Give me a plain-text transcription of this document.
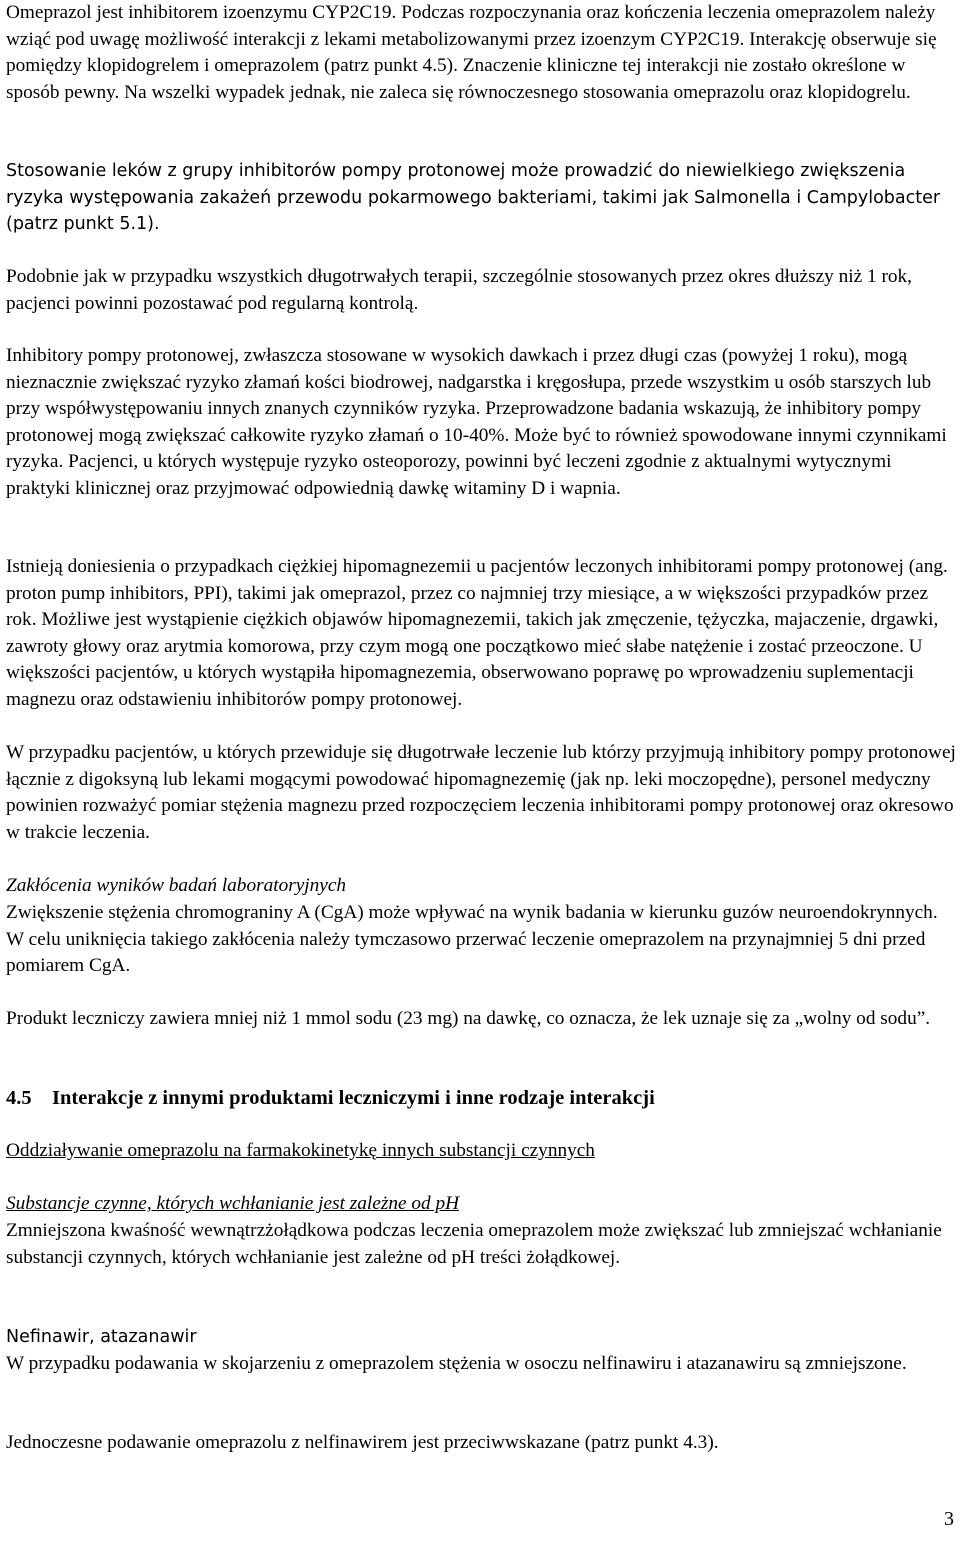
Omeprazol jest inhibitorem izoenzymu CYP2C19. Podczas rozpoczynania oraz kończenia leczenia omeprazolem należy wziąć pod uwagę możliwość interakcji z lekami metabolizowanymi przez izoenzym CYP2C19. Interakcję obserwuje się pomiędzy klopidogrelem i omeprazolem (patrz punkt 4.5). Znaczenie kliniczne tej interakcji nie zostało określone w sposób pewny. Na wszelki wypadek jednak, nie zaleca się równoczesnego stosowania omeprazolu oraz klopidogrelu.

Stosowanie leków z grupy inhibitorów pompy protonowej może prowadzić do niewielkiego zwiększenia ryzyka występowania zakażeń przewodu pokarmowego bakteriami, takimi jak Salmonella i Campylobacter (patrz punkt 5.1).

Podobnie jak w przypadku wszystkich długotrwałych terapii, szczególnie stosowanych przez okres dłuższy niż 1 rok, pacjenci powinni pozostawać pod regularną kontrolą.

Inhibitory pompy protonowej, zwłaszcza stosowane w wysokich dawkach i przez długi czas (powyżej 1 roku), mogą nieznacznie zwiększać ryzyko złamań kości biodrowej, nadgarstka i kręgosłupa, przede wszystkim u osób starszych lub przy współwystępowaniu innych znanych czynników ryzyka. Przeprowadzone badania wskazują, że inhibitory pompy protonowej mogą zwiększać całkowite ryzyko złamań o 10-40%. Może być to również spowodowane innymi czynnikami ryzyka. Pacjenci, u których występuje ryzyko osteoporozy, powinni być leczeni zgodnie z aktualnymi wytycznymi praktyki klinicznej oraz przyjmować odpowiednią dawkę witaminy D i wapnia.

Istnieją doniesienia o przypadkach ciężkiej hipomagnezemii u pacjentów leczonych inhibitorami pompy protonowej (ang. proton pump inhibitors, PPI), takimi jak omeprazol, przez co najmniej trzy miesiące, a w większości przypadków przez rok. Możliwe jest wystąpienie ciężkich objawów hipomagnezemii, takich jak zmęczenie, tężyczka, majaczenie, drgawki, zawroty głowy oraz arytmia komorowa, przy czym mogą one początkowo mieć słabe natężenie i zostać przeoczone. U większości pacjentów, u których wystąpiła hipomagnezemia, obserwowano poprawę po wprowadzeniu suplementacji magnezu oraz odstawieniu inhibitorów pompy protonowej.

W przypadku pacjentów, u których przewiduje się długotrwałe leczenie lub którzy przyjmują inhibitory pompy protonowej łącznie z digoksyną lub lekami mogącymi powodować hipomagnezemię (jak np. leki moczopędne), personel medyczny powinien rozważyć pomiar stężenia magnezu przed rozpoczęciem leczenia inhibitorami pompy protonowej oraz okresowo w trakcie leczenia.

Zakłócenia wyników badań laboratoryjnych

Zwiększenie stężenia chromograniny A (CgA) może wpływać na wynik badania w kierunku guzów neuroendokrynnych. W celu uniknięcia takiego zakłócenia należy tymczasowo przerwać leczenie omeprazolem na przynajmniej 5 dni przed pomiarem CgA.

Produkt leczniczy zawiera mniej niż 1 mmol sodu (23 mg) na dawkę, co oznacza, że lek uznaje się za „wolny od sodu”.

4.5 Interakcje z innymi produktami leczniczymi i inne rodzaje interakcji

Oddziaływanie omeprazolu na farmakokinetykę innych substancji czynnych

Substancje czynne, których wchłanianie jest zależne od pH

Zmniejszona kwaśność wewnątrzżołądkowa podczas leczenia omeprazolem może zwiększać lub zmniejszać wchłanianie substancji czynnych, których wchłanianie jest zależne od pH treści żołądkowej.

Nefinawir, atazanawir

W przypadku podawania w skojarzeniu z omeprazolem stężenia w osoczu nelfinawiru i atazanawiru są zmniejszone.

Jednoczesne podawanie omeprazolu z nelfinawirem jest przeciwwskazane (patrz punkt 4.3).

3
